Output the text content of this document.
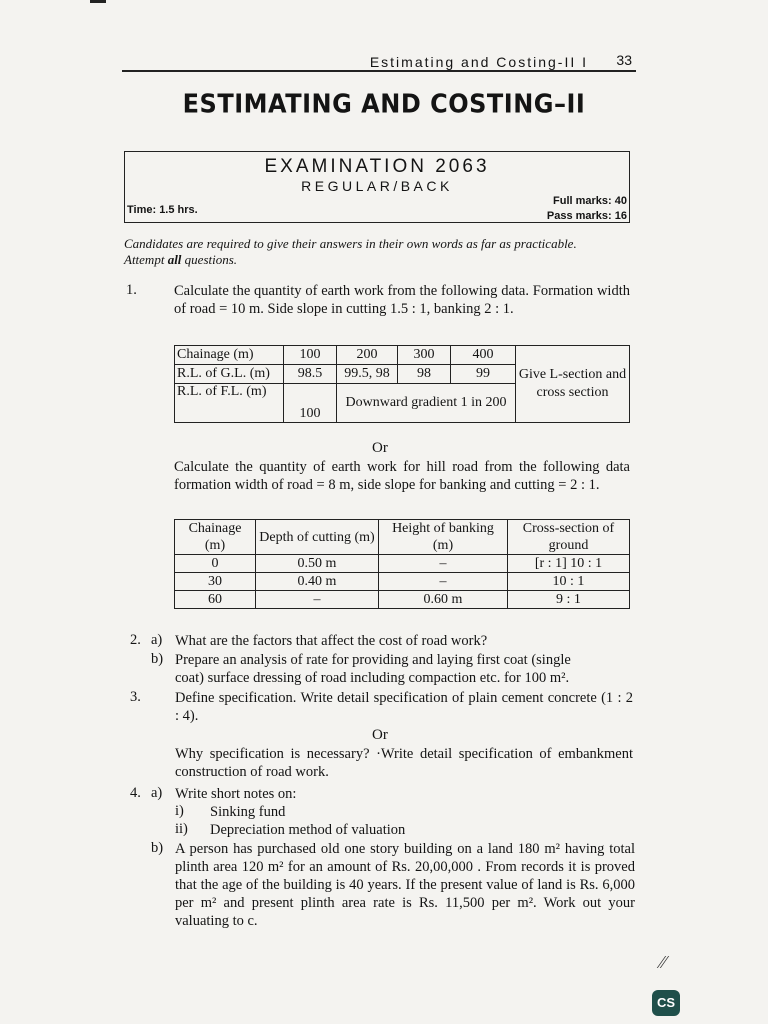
Estimating and Costing-II I 33
ESTIMATING AND COSTING–II
EXAMINATION 2063
REGULAR/BACK
Time: 1.5 hrs.
Full marks: 40
Pass marks: 16
Candidates are required to give their answers in their own words as far as practicable.
Attempt all questions.
1.	Calculate the quantity of earth work from the following data. Formation width of road = 10 m. Side slope in cutting 1.5 : 1, banking 2 : 1.
Chainage (m)	100	200	300	400	Give L-section and cross section
R.L. of G.L. (m)	98.5	99.5, 98	98	99	
R.L. of F.L. (m)	100	Downward gradient 1 in 200			
Or
Calculate the quantity of earth work for hill road from the following data formation width of road = 8 m, side slope for banking and cutting = 2 : 1.
Chainage (m)	Depth of cutting (m)	Height of banking (m)	Cross-section of ground
0	0.50 m	–	[r : 1] 10 : 1
30	0.40 m	–	10 : 1
60	–	0.60 m	9 : 1
2. a) What are the factors that affect the cost of road work?
b) Prepare an analysis of rate for providing and laying first coat (single
coat) surface dressing of road including compaction etc. for 100 m².
3. Define specification. Write detail specification of plain cement concrete (1 : 2 : 4).
Or
Why specification is necessary? ·Write detail specification of embankment construction of road work.
4. a) Write short notes on:
i) Sinking fund
ii) Depreciation method of valuation
b) A person has purchased old one story building on a land 180 m² having total plinth area 120 m² for an amount of Rs. 20,00,000 . From records it is proved that the age of the building is 40 years. If the present value of land is Rs. 6,000 per m² and present plinth area rate is Rs. 11,500 per m². Work out your valuating to c.
⁄⁄
CS
